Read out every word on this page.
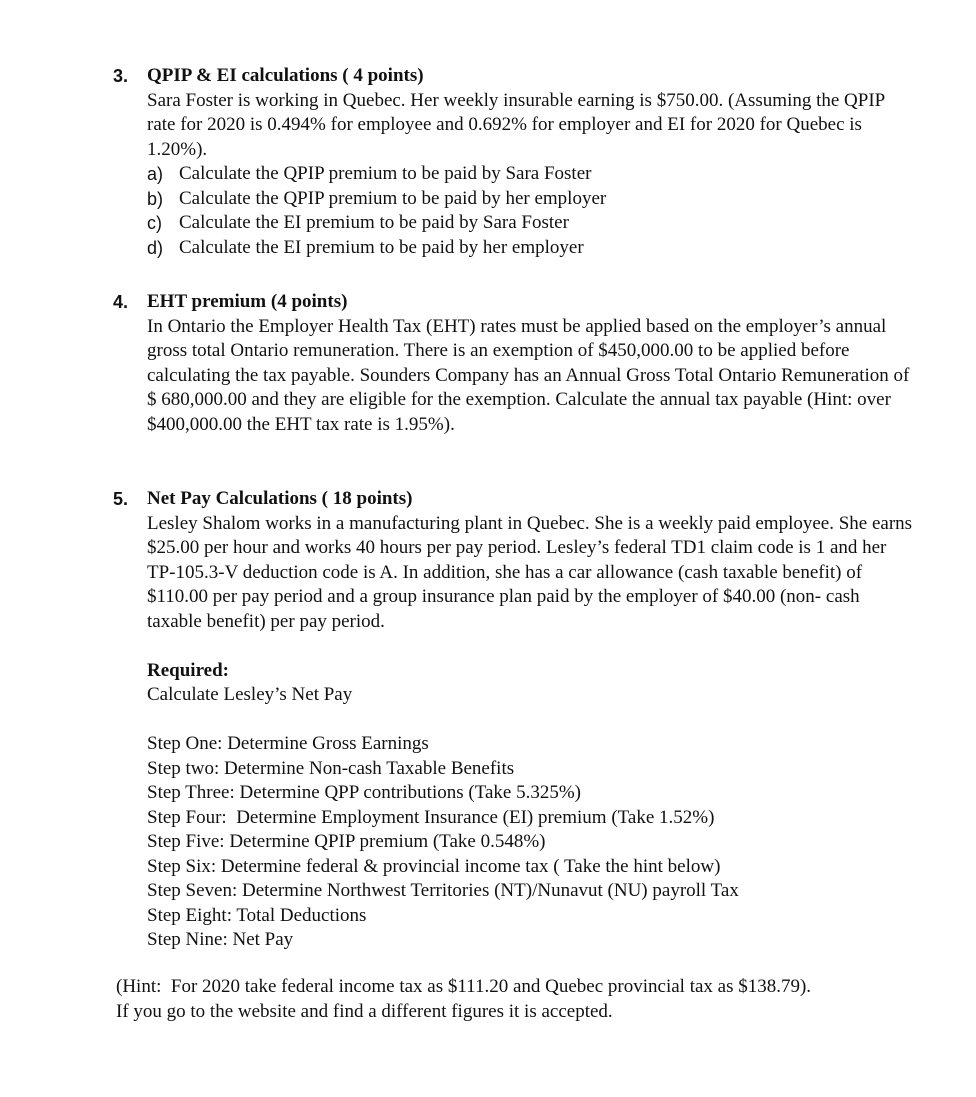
3. QPIP & EI calculations ( 4 points)
Sara Foster is working in Quebec. Her weekly insurable earning is $750.00. (Assuming the QPIP rate for 2020 is 0.494% for employee and 0.692% for employer and EI for 2020 for Quebec is 1.20%).
a) Calculate the QPIP premium to be paid by Sara Foster
b) Calculate the QPIP premium to be paid by her employer
c) Calculate the EI premium to be paid by Sara Foster
d) Calculate the EI premium to be paid by her employer
4. EHT premium (4 points)
In Ontario the Employer Health Tax (EHT) rates must be applied based on the employer’s annual gross total Ontario remuneration. There is an exemption of $450,000.00 to be applied before calculating the tax payable. Sounders Company has an Annual Gross Total Ontario Remuneration of $ 680,000.00 and they are eligible for the exemption. Calculate the annual tax payable (Hint: over $400,000.00 the EHT tax rate is 1.95%).
5. Net Pay Calculations ( 18 points)
Lesley Shalom works in a manufacturing plant in Quebec. She is a weekly paid employee. She earns $25.00 per hour and works 40 hours per pay period. Lesley’s federal TD1 claim code is 1 and her TP-105.3-V deduction code is A. In addition, she has a car allowance (cash taxable benefit) of $110.00 per pay period and a group insurance plan paid by the employer of $40.00 (non- cash taxable benefit) per pay period.
Required:
Calculate Lesley’s Net Pay
Step One: Determine Gross Earnings
Step two: Determine Non-cash Taxable Benefits
Step Three: Determine QPP contributions (Take 5.325%)
Step Four:  Determine Employment Insurance (EI) premium (Take 1.52%)
Step Five: Determine QPIP premium (Take 0.548%)
Step Six: Determine federal & provincial income tax ( Take the hint below)
Step Seven: Determine Northwest Territories (NT)/Nunavut (NU) payroll Tax
Step Eight: Total Deductions
Step Nine: Net Pay
(Hint:  For 2020 take federal income tax as $111.20 and Quebec provincial tax as $138.79).
If you go to the website and find a different figures it is accepted.
